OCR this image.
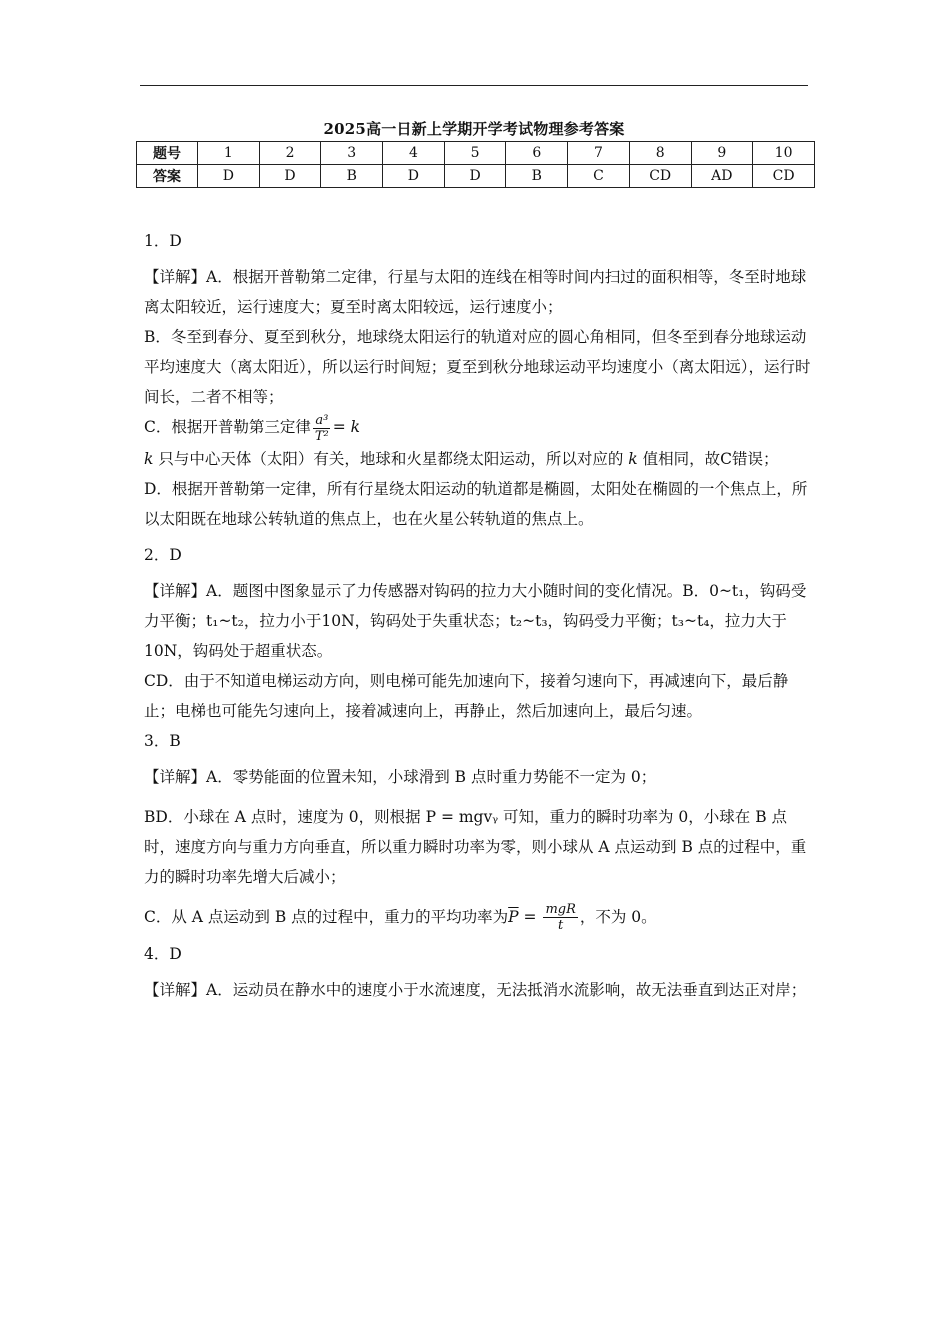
2025高一日新上学期开学考试物理参考答案
题号	1	2	3	4	5	6	7	8	9	10
答案	D	D	B	D	D	B	C	CD	AD	CD

1．D

【详解】A．根据开普勒第二定律，行星与太阳的连线在相等时间内扫过的面积相等，冬至时地球离太阳较近，运行速度大；夏至时离太阳较远，运行速度小；

B．冬至到春分、夏至到秋分，地球绕太阳运行的轨道对应的圆心角相同，但冬至到春分地球运动平均速度大（离太阳近），所以运行时间短；夏至到秋分地球运动平均速度小（离太阳远），运行时间长，二者不相等；

C．根据开普勒第三定律 $\frac{\text{a³}}{\text{T²}} = k$

k 只与中心天体（太阳）有关，地球和火星都绕太阳运动，所以对应的 k 值相同，故C错误；

D．根据开普勒第一定律，所有行星绕太阳运动的轨道都是椭圆，太阳处在椭圆的一个焦点上，所以太阳既在地球公转轨道的焦点上，也在火星公转轨道的焦点上。

2．D

【详解】A．题图中图象显示了力传感器对钩码的拉力大小随时间的变化情况。B．0~t₁，钩码受力平衡；t₁~t₂，拉力小于10N，钩码处于失重状态；t₂~t₃，钩码受力平衡；t₃~t₄，拉力大于10N，钩码处于超重状态。

CD．由于不知道电梯运动方向，则电梯可能先加速向下，接着匀速向下，再减速向下，最后静止；电梯也可能先匀速向上，接着减速向上，再静止，然后加速向上，最后匀速。

3．B

【详解】A．零势能面的位置未知，小球滑到 B 点时重力势能不一定为 0；

BD．小球在 A 点时，速度为 0，则根据 P = mgvᵧ 可知，重力的瞬时功率为 0，小球在 B 点时，速度方向与重力方向垂直，所以重力瞬时功率为零，则小球从 A 点运动到 B 点的过程中，重力的瞬时功率先增大后减小；

C．从 A 点运动到 B 点的过程中，重力的平均功率为$\overline{P} = \frac{\text{mgR}}{t}$ ，不为 0。

4．D

【详解】A．运动员在静水中的速度小于水流速度，无法抵消水流影响，故无法垂直到达正对岸；
